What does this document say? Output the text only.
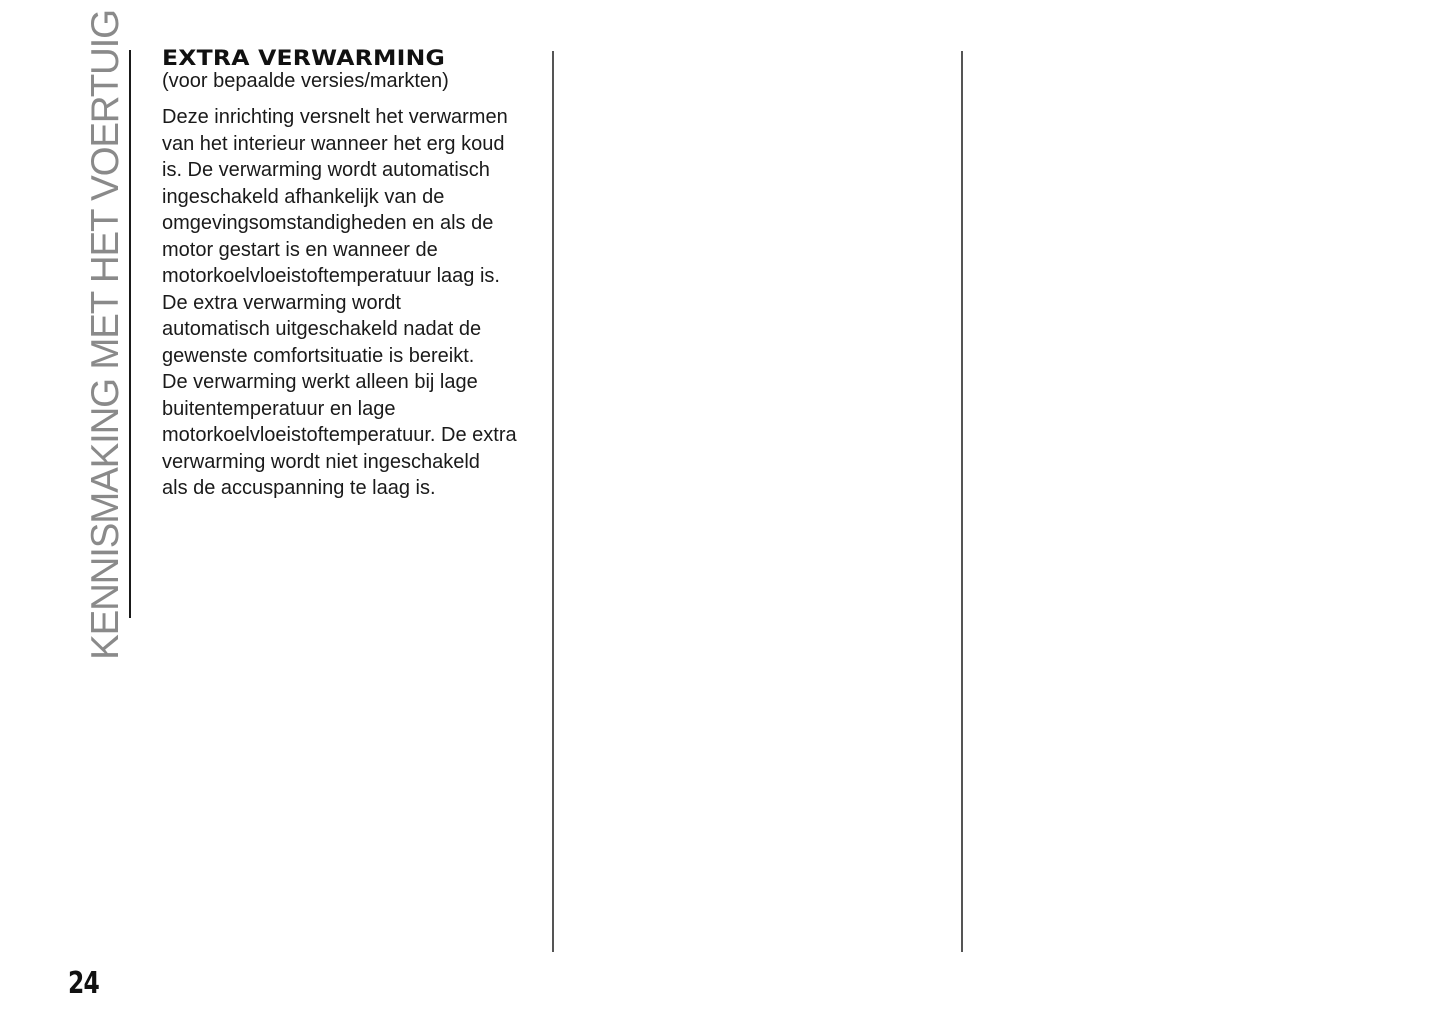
KENNISMAKING MET HET VOERTUIG EXTRA VERWARMING

(voor bepaalde versies/markten)

Deze inrichting versnelt het verwarmen

van het interieur wanneer het erg koud

is. De verwarming wordt automatisch

ingeschakeld afhankelijk van de

omgevingsomstandigheden en als de

motor gestart is en wanneer de

motorkoelvloeistoftemperatuur laag is.

De extra verwarming wordt

automatisch uitgeschakeld nadat de

gewenste comfortsituatie is bereikt.

De verwarming werkt alleen bij lage

buitentemperatuur en lage

motorkoelvloeistoftemperatuur. De extra

verwarming wordt niet ingeschakeld

als de accuspanning te laag is.

24
